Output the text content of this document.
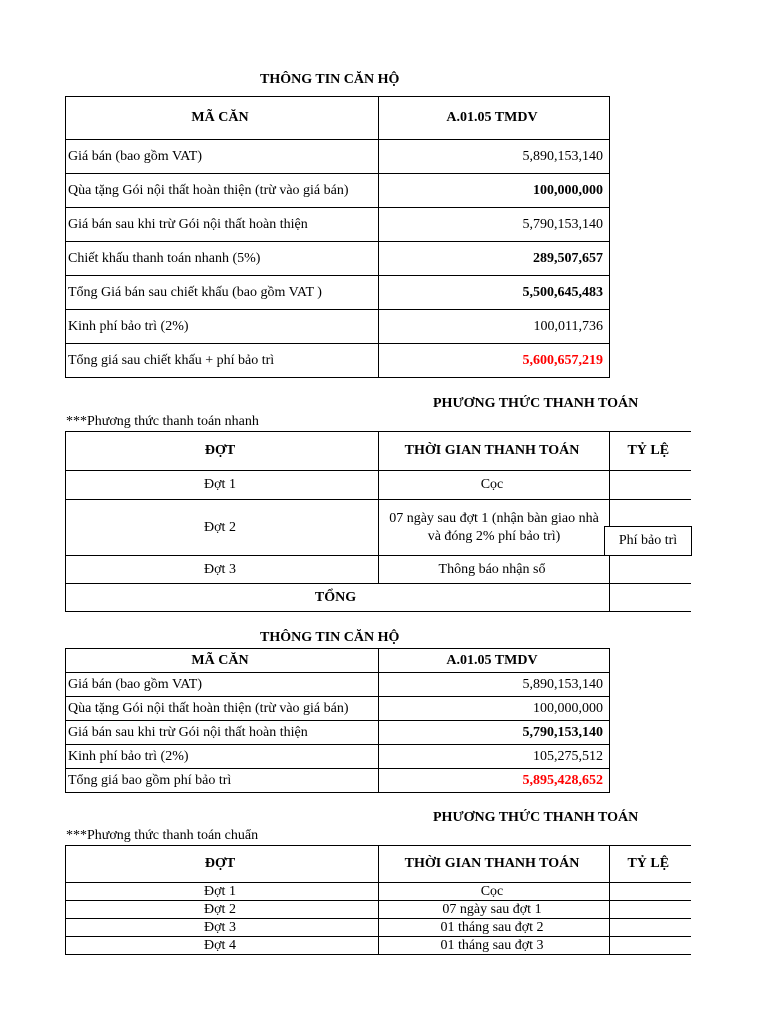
THÔNG TIN CĂN HỘ
MÃ CĂN	A.01.05 TMDV
Giá bán (bao gồm VAT)	5,890,153,140
Qùa tặng Gói nội thất hoàn thiện (trừ vào giá bán)	100,000,000
Giá bán sau khi trừ Gói nội thất hoàn thiện	5,790,153,140
Chiết khấu thanh toán nhanh (5%)	289,507,657
Tổng Giá bán sau chiết khấu (bao gồm VAT )	5,500,645,483
Kinh phí bảo trì (2%)	100,011,736
Tổng giá sau chiết khấu + phí bảo trì	5,600,657,219
PHƯƠNG THỨC THANH TOÁN
***Phương thức thanh toán nhanh
ĐỢT	THỜI GIAN THANH TOÁN	TỶ LỆ
Đợt 1	Cọc	
Đợt 2	07 ngày sau đợt 1 (nhận bàn giao nhà và đóng 2% phí bảo trì)	
Đợt 3	Thông báo nhận sổ	
TỔNG		
Phí bảo trì
THÔNG TIN CĂN HỘ
MÃ CĂN	A.01.05 TMDV
Giá bán (bao gồm VAT)	5,890,153,140
Qùa tặng Gói nội thất hoàn thiện (trừ vào giá bán)	100,000,000
Giá bán sau khi trừ Gói nội thất hoàn thiện	5,790,153,140
Kinh phí bảo trì (2%)	105,275,512
Tổng giá bao gồm phí bảo trì	5,895,428,652
PHƯƠNG THỨC THANH TOÁN
***Phương thức thanh toán chuẩn
ĐỢT	THỜI GIAN THANH TOÁN	TỶ LỆ
Đợt 1	Cọc	
Đợt 2	07 ngày sau đợt 1	
Đợt 3	01 tháng sau đợt 2	
Đợt 4	01 tháng sau đợt 3	
